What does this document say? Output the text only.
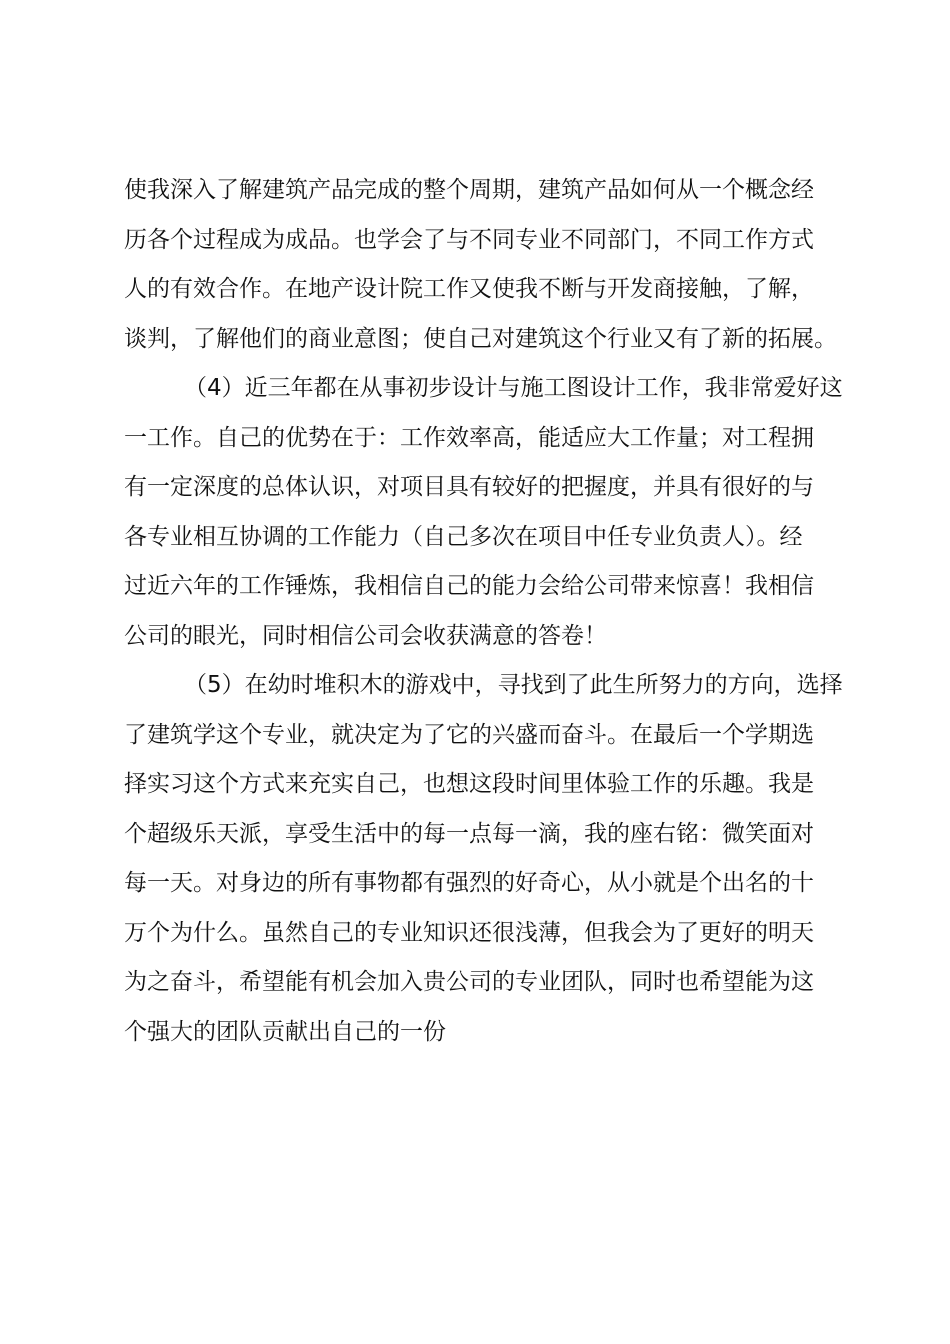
使我深入了解建筑产品完成的整个周期，建筑产品如何从一个概念经
历各个过程成为成品。也学会了与不同专业不同部门，不同工作方式
人的有效合作。在地产设计院工作又使我不断与开发商接触，了解，
谈判，了解他们的商业意图；使自己对建筑这个行业又有了新的拓展。
（4）近三年都在从事初步设计与施工图设计工作，我非常爱好这
一工作。自己的优势在于：工作效率高，能适应大工作量；对工程拥
有一定深度的总体认识，对项目具有较好的把握度，并具有很好的与
各专业相互协调的工作能力（自己多次在项目中任专业负责人）。经
过近六年的工作锤炼，我相信自己的能力会给公司带来惊喜！我相信
公司的眼光，同时相信公司会收获满意的答卷！
（5）在幼时堆积木的游戏中，寻找到了此生所努力的方向，选择
了建筑学这个专业，就决定为了它的兴盛而奋斗。在最后一个学期选
择实习这个方式来充实自己，也想这段时间里体验工作的乐趣。我是
个超级乐天派，享受生活中的每一点每一滴，我的座右铭：微笑面对
每一天。对身边的所有事物都有强烈的好奇心，从小就是个出名的十
万个为什么。虽然自己的专业知识还很浅薄，但我会为了更好的明天
为之奋斗，希望能有机会加入贵公司的专业团队，同时也希望能为这
个强大的团队贡献出自己的一份
